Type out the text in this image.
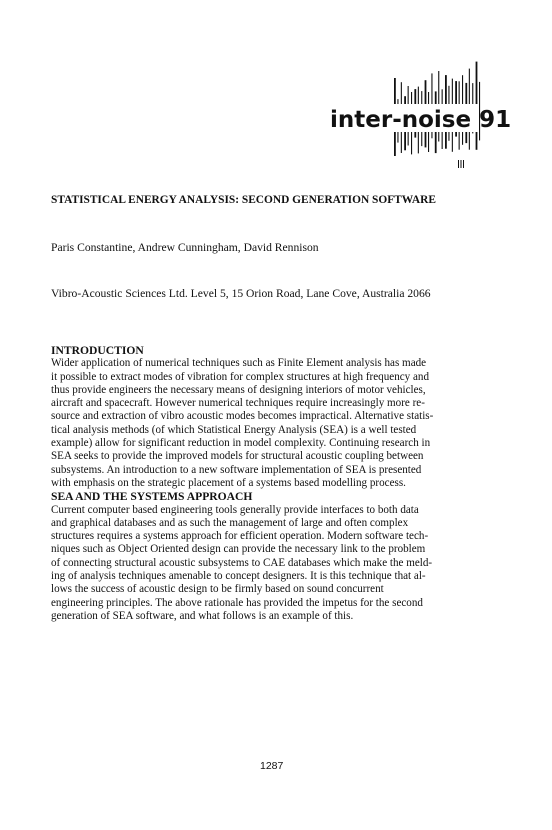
inter-noise 91
STATISTICAL ENERGY ANALYSIS: SECOND GENERATION SOFTWARE
Paris Constantine, Andrew Cunningham, David Rennison
Vibro-Acoustic Sciences Ltd. Level 5, 15 Orion Road, Lane Cove, Australia 2066
INTRODUCTION
Wider application of numerical techniques such as Finite Element analysis has made
it possible to extract modes of vibration for complex structures at high frequency and
thus provide engineers the necessary means of designing interiors of motor vehicles,
aircraft and spacecraft. However numerical techniques require increasingly more re-
source and extraction of vibro acoustic modes becomes impractical. Alternative statis-
tical analysis methods (of which Statistical Energy Analysis (SEA) is a well tested
example) allow for significant reduction in model complexity. Continuing research in
SEA seeks to provide the improved models for structural acoustic coupling between
subsystems. An introduction to a new software implementation of SEA is presented
with emphasis on the strategic placement of a systems based modelling process.
SEA AND THE SYSTEMS APPROACH
Current computer based engineering tools generally provide interfaces to both data
and graphical databases and as such the management of large and often complex
structures requires a systems approach for efficient operation. Modern software tech-
niques such as Object Oriented design can provide the necessary link to the problem
of connecting structural acoustic subsystems to CAE databases which make the meld-
ing of analysis techniques amenable to concept designers. It is this technique that al-
lows the success of acoustic design to be firmly based on sound concurrent
engineering principles. The above rationale has provided the impetus for the second
generation of SEA software, and what follows is an example of this.
1287
